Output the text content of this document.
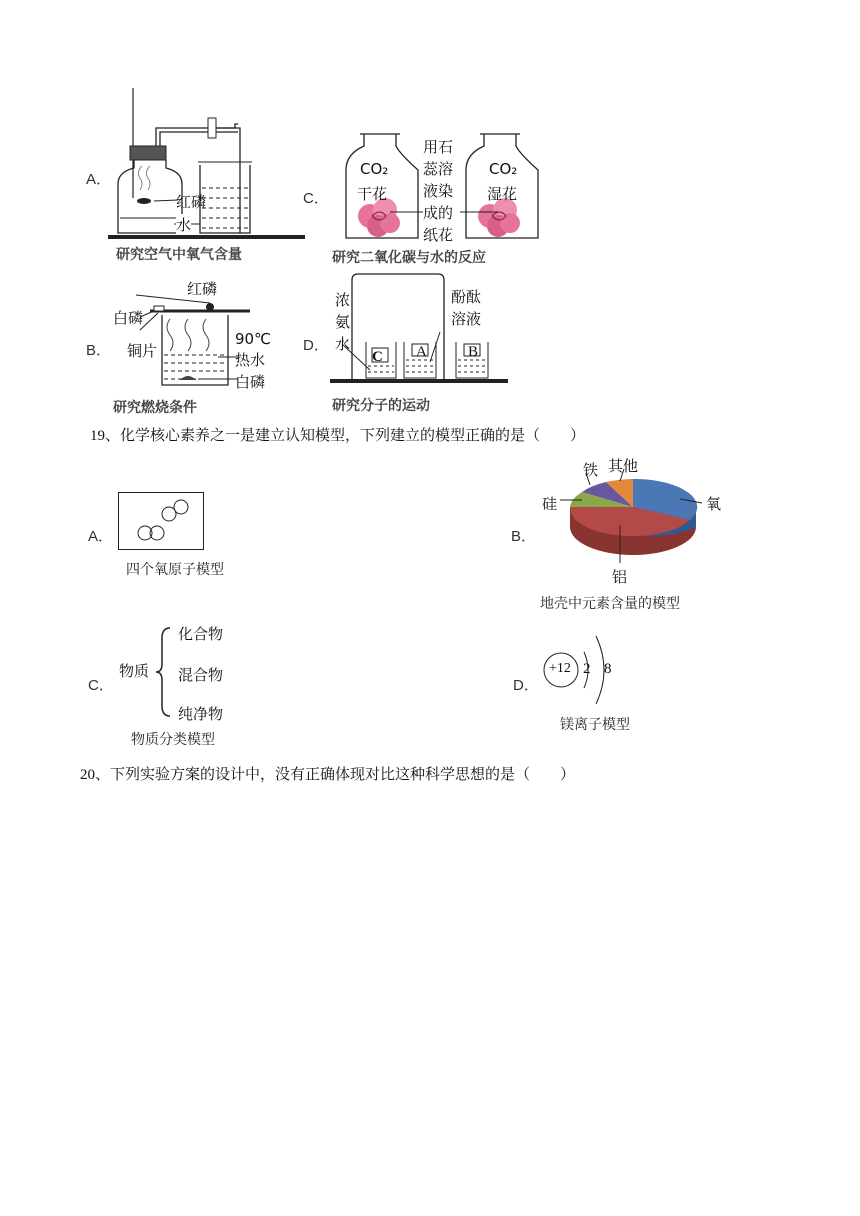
A．
红磷
水
研究空气中氧气含量
C．
CO₂
干花
CO₂
湿花
用石
蕊溶
液染
成的
纸花
研究二氧化碳与水的反应
B．
红磷
白磷
铜片
90℃
热水
白磷
研究燃烧条件
D．
C A	B
浓
氨
水
酚酞
溶液
研究分子的运动
19、化学核心素养之一是建立认知模型，下列建立的模型正确的是（　　）
A．
四个氧原子模型
B．
铁 其他
硅	氧
铝
地壳中元素含量的模型
C．
物质
化合物
混合物
纯净物
物质分类模型
D．
+12 2 8
镁离子模型
20、下列实验方案的设计中，没有正确体现对比这种科学思想的是（　　）
